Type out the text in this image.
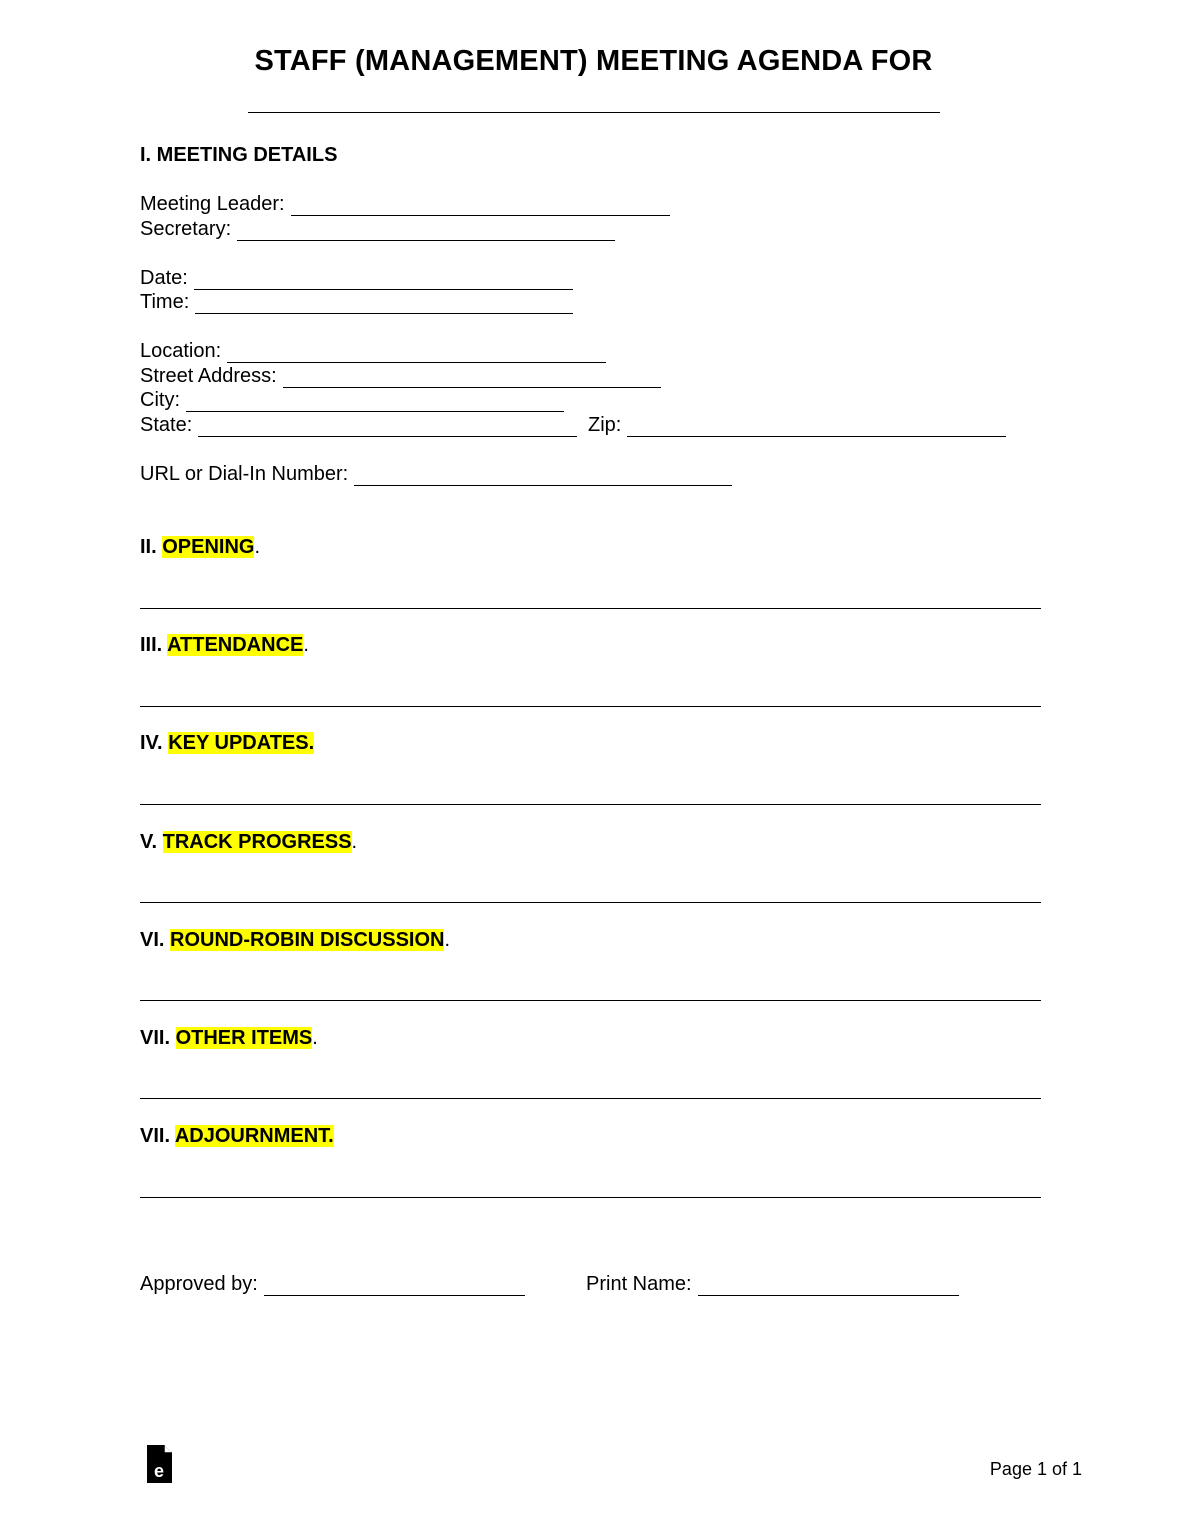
STAFF (MANAGEMENT) MEETING AGENDA FOR
I. MEETING DETAILS
Meeting Leader:
Secretary:
Date:
Time:
Location:
Street Address:
City:
State:	Zip:
URL or Dial-In Number:
II. OPENING.
III. ATTENDANCE.
IV. KEY UPDATES.
V. TRACK PROGRESS.
VI. ROUND-ROBIN DISCUSSION.
VII. OTHER ITEMS.
VII. ADJOURNMENT.
Approved by:	Print Name:
e	Page 1 of 1
